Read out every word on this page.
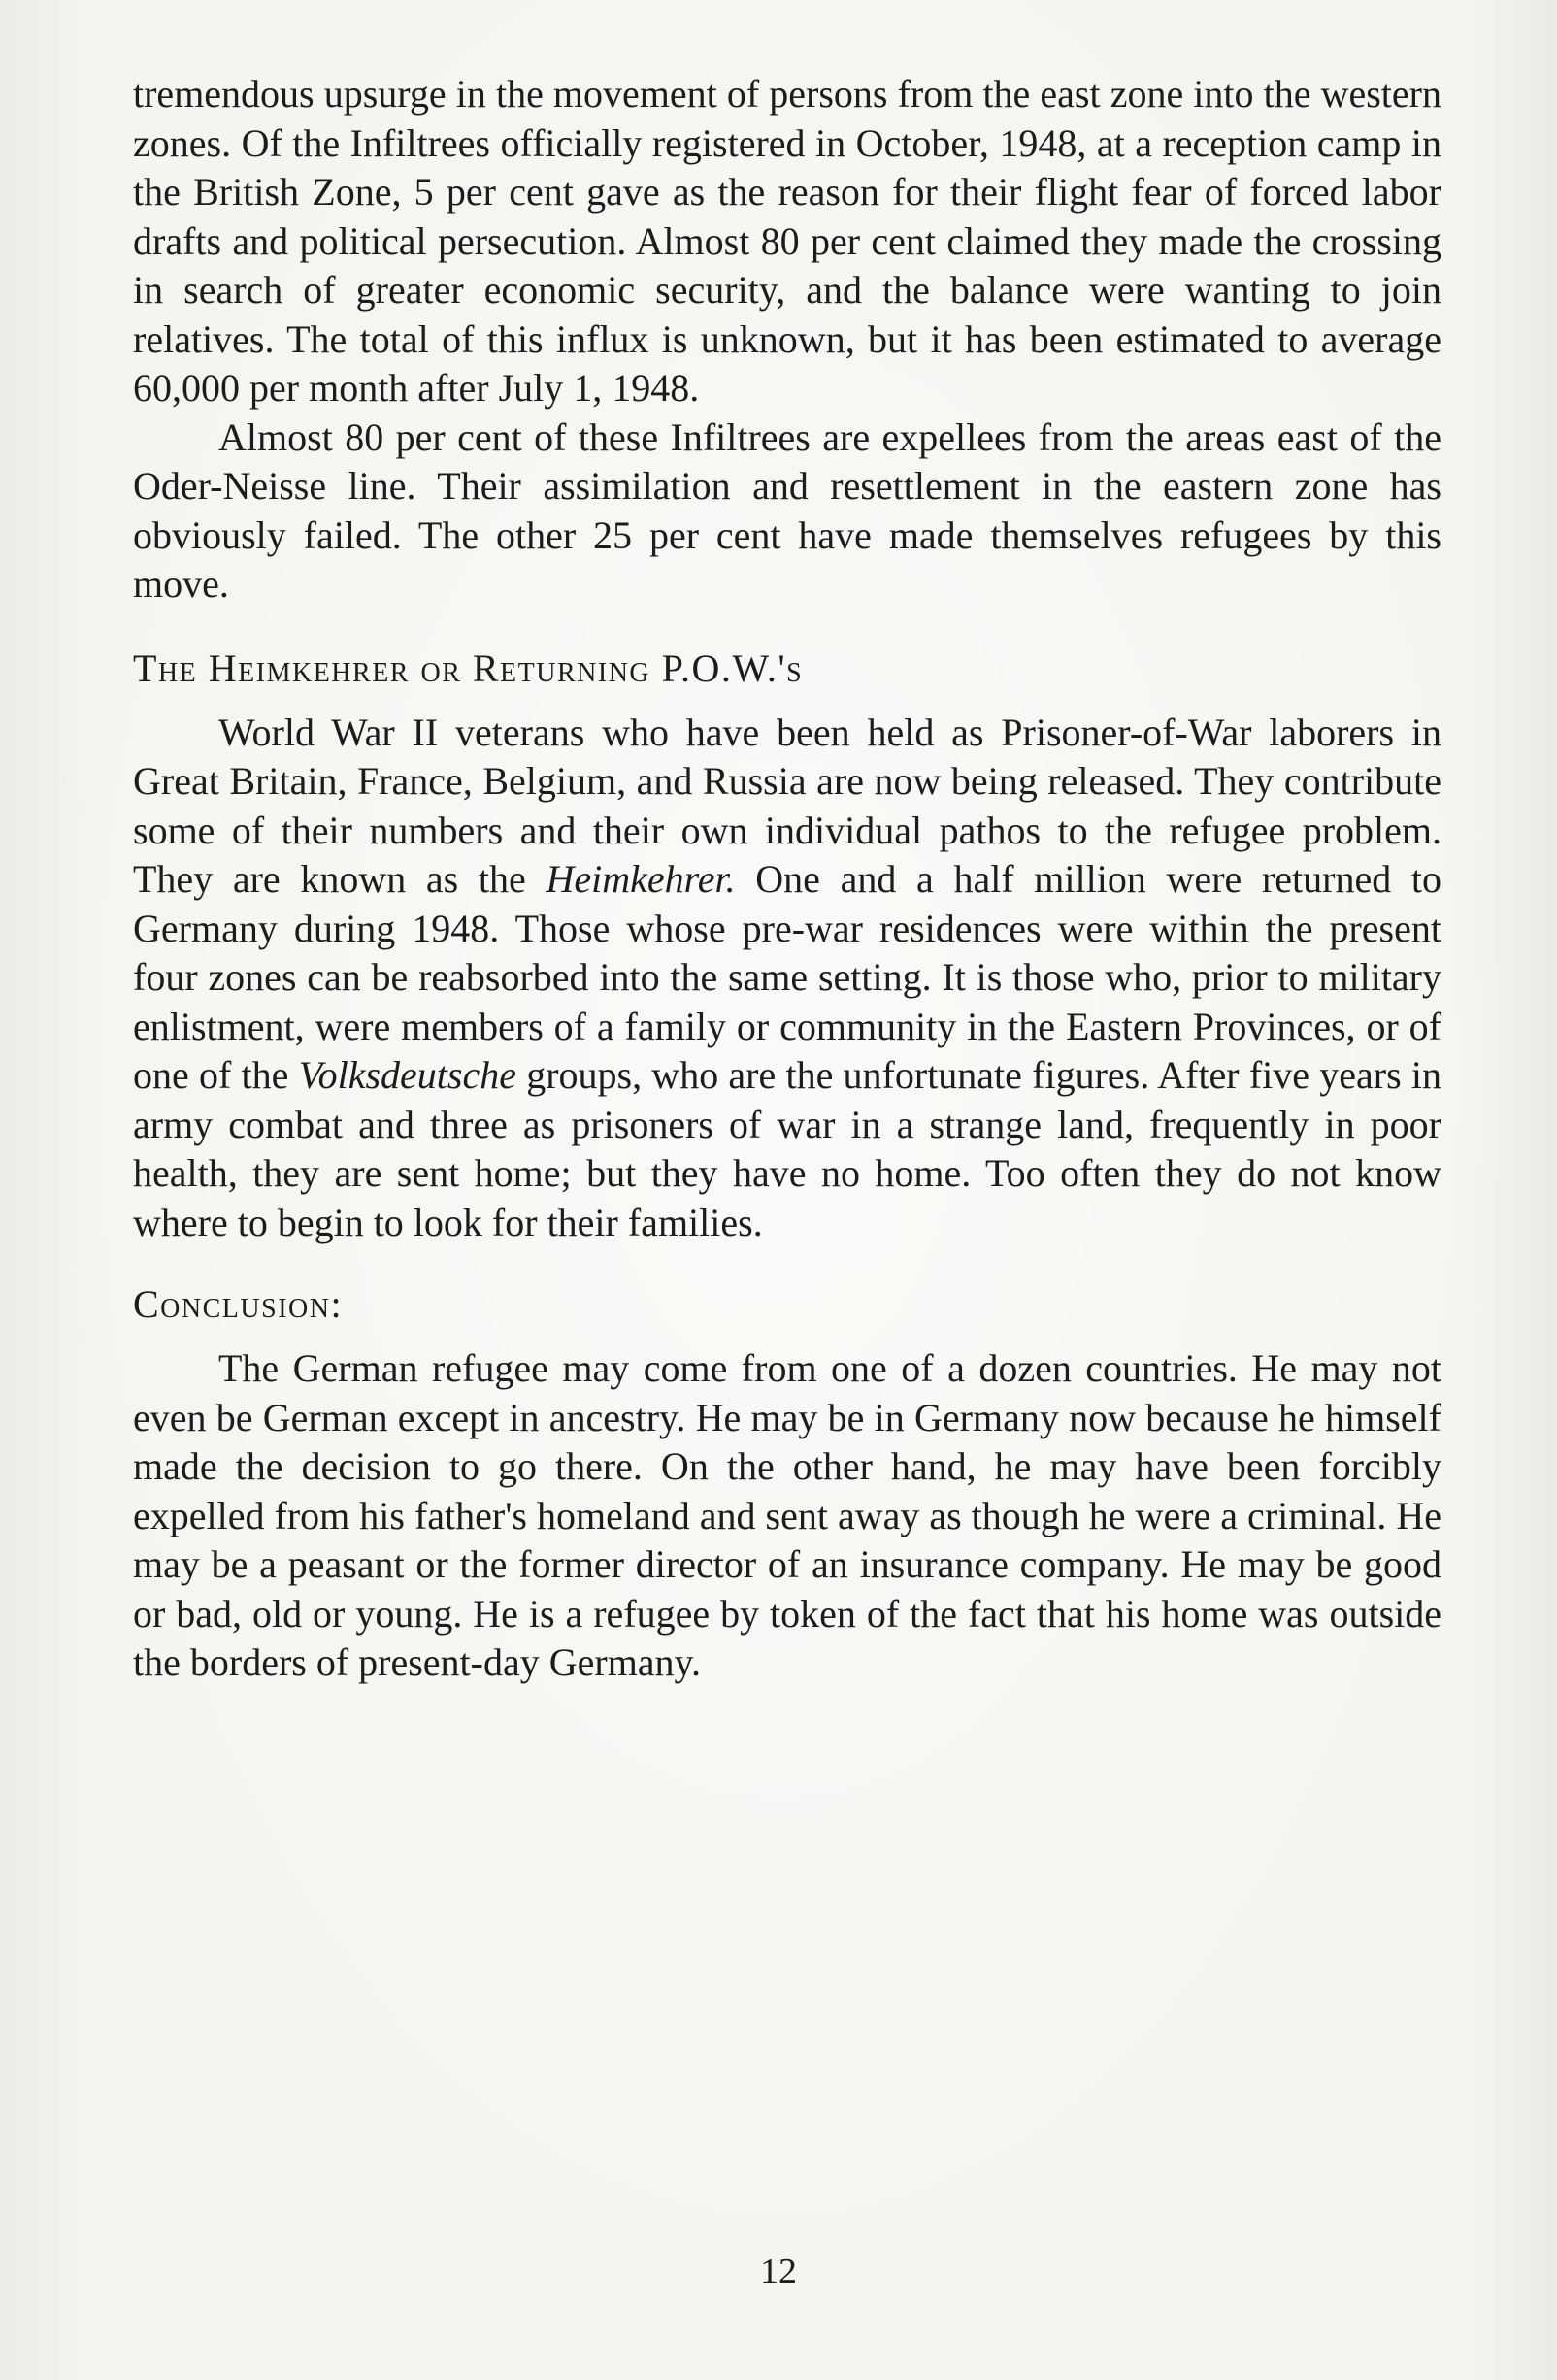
tremendous upsurge in the movement of persons from the east zone into the western zones. Of the Infiltrees officially registered in October, 1948, at a reception camp in the British Zone, 5 per cent gave as the reason for their flight fear of forced labor drafts and political persecution. Almost 80 per cent claimed they made the crossing in search of greater economic security, and the balance were wanting to join relatives. The total of this influx is unknown, but it has been estimated to average 60,000 per month after July 1, 1948.

Almost 80 per cent of these Infiltrees are expellees from the areas east of the Oder-Neisse line. Their assimilation and resettlement in the eastern zone has obviously failed. The other 25 per cent have made themselves refugees by this move.

The Heimkehrer or Returning P.O.W.'s

World War II veterans who have been held as Prisoner-of-War laborers in Great Britain, France, Belgium, and Russia are now being released. They contribute some of their numbers and their own individual pathos to the refugee problem. They are known as the Heimkehrer. One and a half million were returned to Germany during 1948. Those whose pre-war residences were within the present four zones can be reabsorbed into the same setting. It is those who, prior to military enlistment, were members of a family or community in the Eastern Provinces, or of one of the Volksdeutsche groups, who are the unfortunate figures. After five years in army combat and three as prisoners of war in a strange land, frequently in poor health, they are sent home; but they have no home. Too often they do not know where to begin to look for their families.

Conclusion:

The German refugee may come from one of a dozen countries. He may not even be German except in ancestry. He may be in Germany now because he himself made the decision to go there. On the other hand, he may have been forcibly expelled from his father's homeland and sent away as though he were a criminal. He may be a peasant or the former director of an insurance company. He may be good or bad, old or young. He is a refugee by token of the fact that his home was outside the borders of present-day Germany.

12
